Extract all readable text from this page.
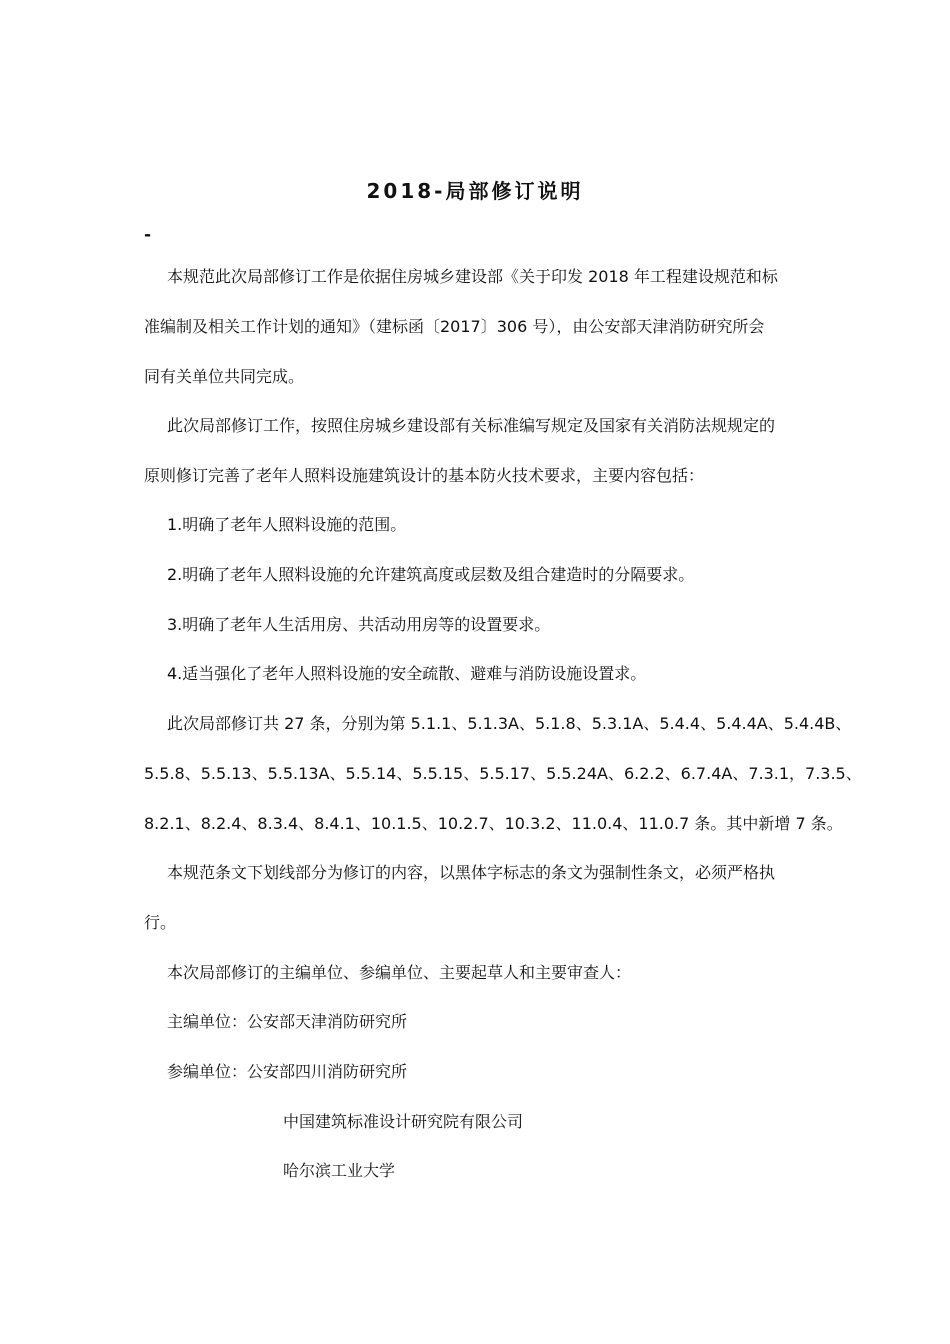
2018-局部修订说明
-
本规范此次局部修订工作是依据住房城乡建设部《关于印发 2018 年工程建设规范和标
准编制及相关工作计划的通知》（建标函〔2017〕306 号），由公安部天津消防研究所会
同有关单位共同完成。
此次局部修订工作，按照住房城乡建设部有关标准编写规定及国家有关消防法规规定的
原则修订完善了老年人照料设施建筑设计的基本防火技术要求，主要内容包括：
1.明确了老年人照料设施的范围。
2.明确了老年人照料设施的允许建筑高度或层数及组合建造时的分隔要求。
3.明确了老年人生活用房、共活动用房等的设置要求。
4.适当强化了老年人照料设施的安全疏散、避难与消防设施设置求。
此次局部修订共 27 条，分别为第 5.1.1、5.1.3A、5.1.8、5.3.1A、5.4.4、5.4.4A、5.4.4B、
5.5.8、5.5.13、5.5.13A、5.5.14、5.5.15、5.5.17、5.5.24A、6.2.2、6.7.4A、7.3.1，7.3.5、
8.2.1、8.2.4、8.3.4、8.4.1、10.1.5、10.2.7、10.3.2、11.0.4、11.0.7 条。其中新增 7 条。
本规范条文下划线部分为修订的内容，以黑体字标志的条文为强制性条文，必须严格执
行。
本次局部修订的主编单位、参编单位、主要起草人和主要审查人：
主编单位：公安部天津消防研究所
参编单位：公安部四川消防研究所
中国建筑标准设计研究院有限公司
哈尔滨工业大学
